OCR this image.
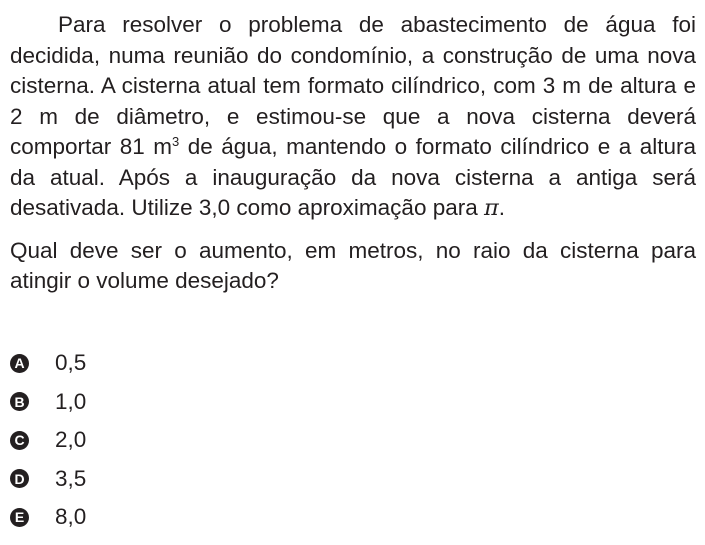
Para resolver o problema de abastecimento de água foi decidida, numa reunião do condomínio, a construção de uma nova cisterna. A cisterna atual tem formato cilíndrico, com 3 m de altura e 2 m de diâmetro, e estimou-se que a nova cisterna deverá comportar 81 $m^3$ de água, mantendo o formato cilíndrico e a altura da atual. Após a inauguração da nova cisterna a antiga será desativada. Utilize 3,0 como aproximação para π.

Qual deve ser o aumento, em metros, no raio da cisterna para atingir o volume desejado?

A 0,5
B 1,0
C 2,0
D 3,5
E 8,0
